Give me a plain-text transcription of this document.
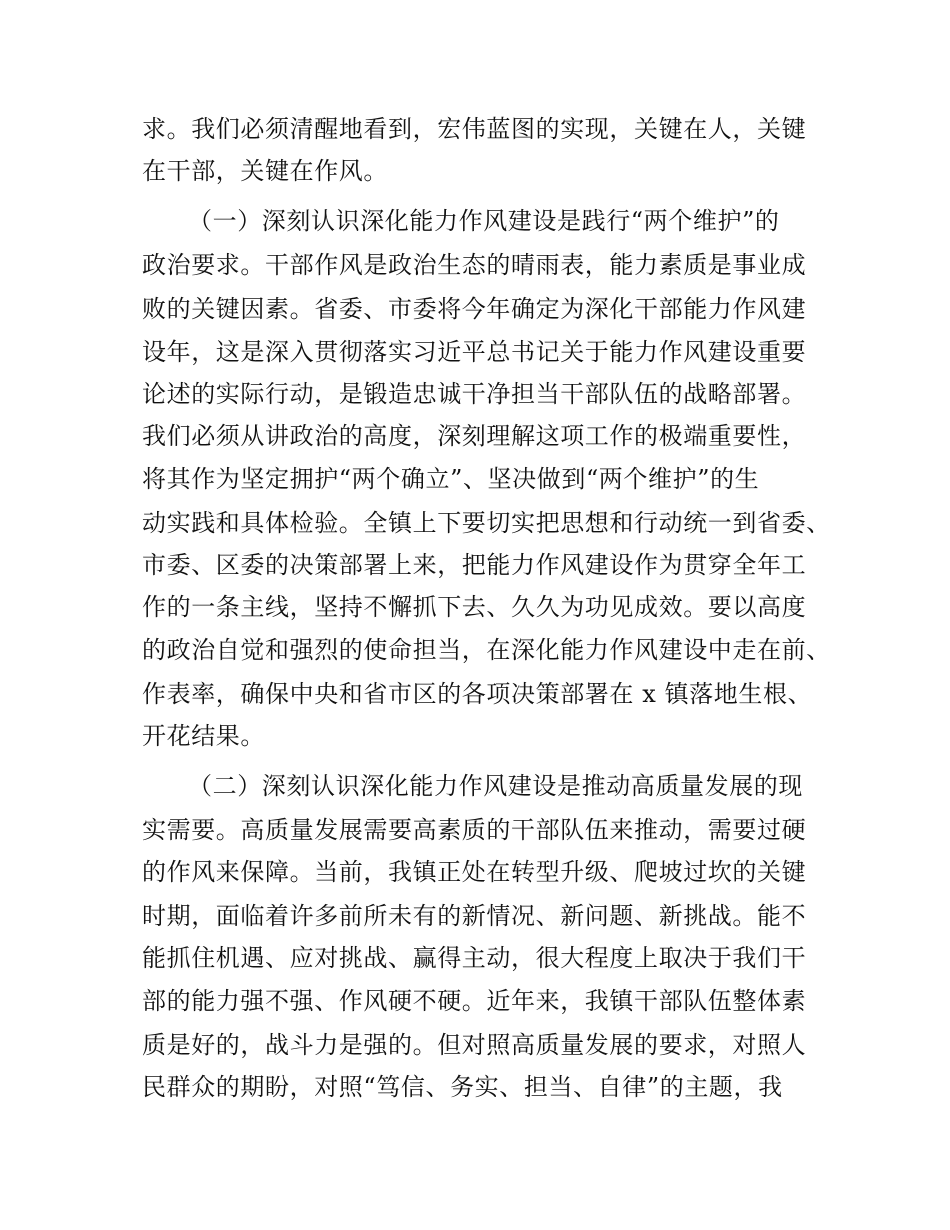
求。我们必须清醒地看到，宏伟蓝图的实现，关键在人，关键
在干部，关键在作风。
（一）深刻认识深化能力作风建设是践行“两个维护”的
政治要求。干部作风是政治生态的晴雨表，能力素质是事业成
败的关键因素。省委、市委将今年确定为深化干部能力作风建
设年，这是深入贯彻落实习近平总书记关于能力作风建设重要
论述的实际行动，是锻造忠诚干净担当干部队伍的战略部署。
我们必须从讲政治的高度，深刻理解这项工作的极端重要性，
将其作为坚定拥护“两个确立”、坚决做到“两个维护”的生
动实践和具体检验。全镇上下要切实把思想和行动统一到省委、
市委、区委的决策部署上来，把能力作风建设作为贯穿全年工
作的一条主线，坚持不懈抓下去、久久为功见成效。要以高度
的政治自觉和强烈的使命担当，在深化能力作风建设中走在前、
作表率，确保中央和省市区的各项决策部署在 x 镇落地生根、
开花结果。
（二）深刻认识深化能力作风建设是推动高质量发展的现
实需要。高质量发展需要高素质的干部队伍来推动，需要过硬
的作风来保障。当前，我镇正处在转型升级、爬坡过坎的关键
时期，面临着许多前所未有的新情况、新问题、新挑战。能不
能抓住机遇、应对挑战、赢得主动，很大程度上取决于我们干
部的能力强不强、作风硬不硬。近年来，我镇干部队伍整体素
质是好的，战斗力是强的。但对照高质量发展的要求，对照人
民群众的期盼，对照“笃信、务实、担当、自律”的主题，我
